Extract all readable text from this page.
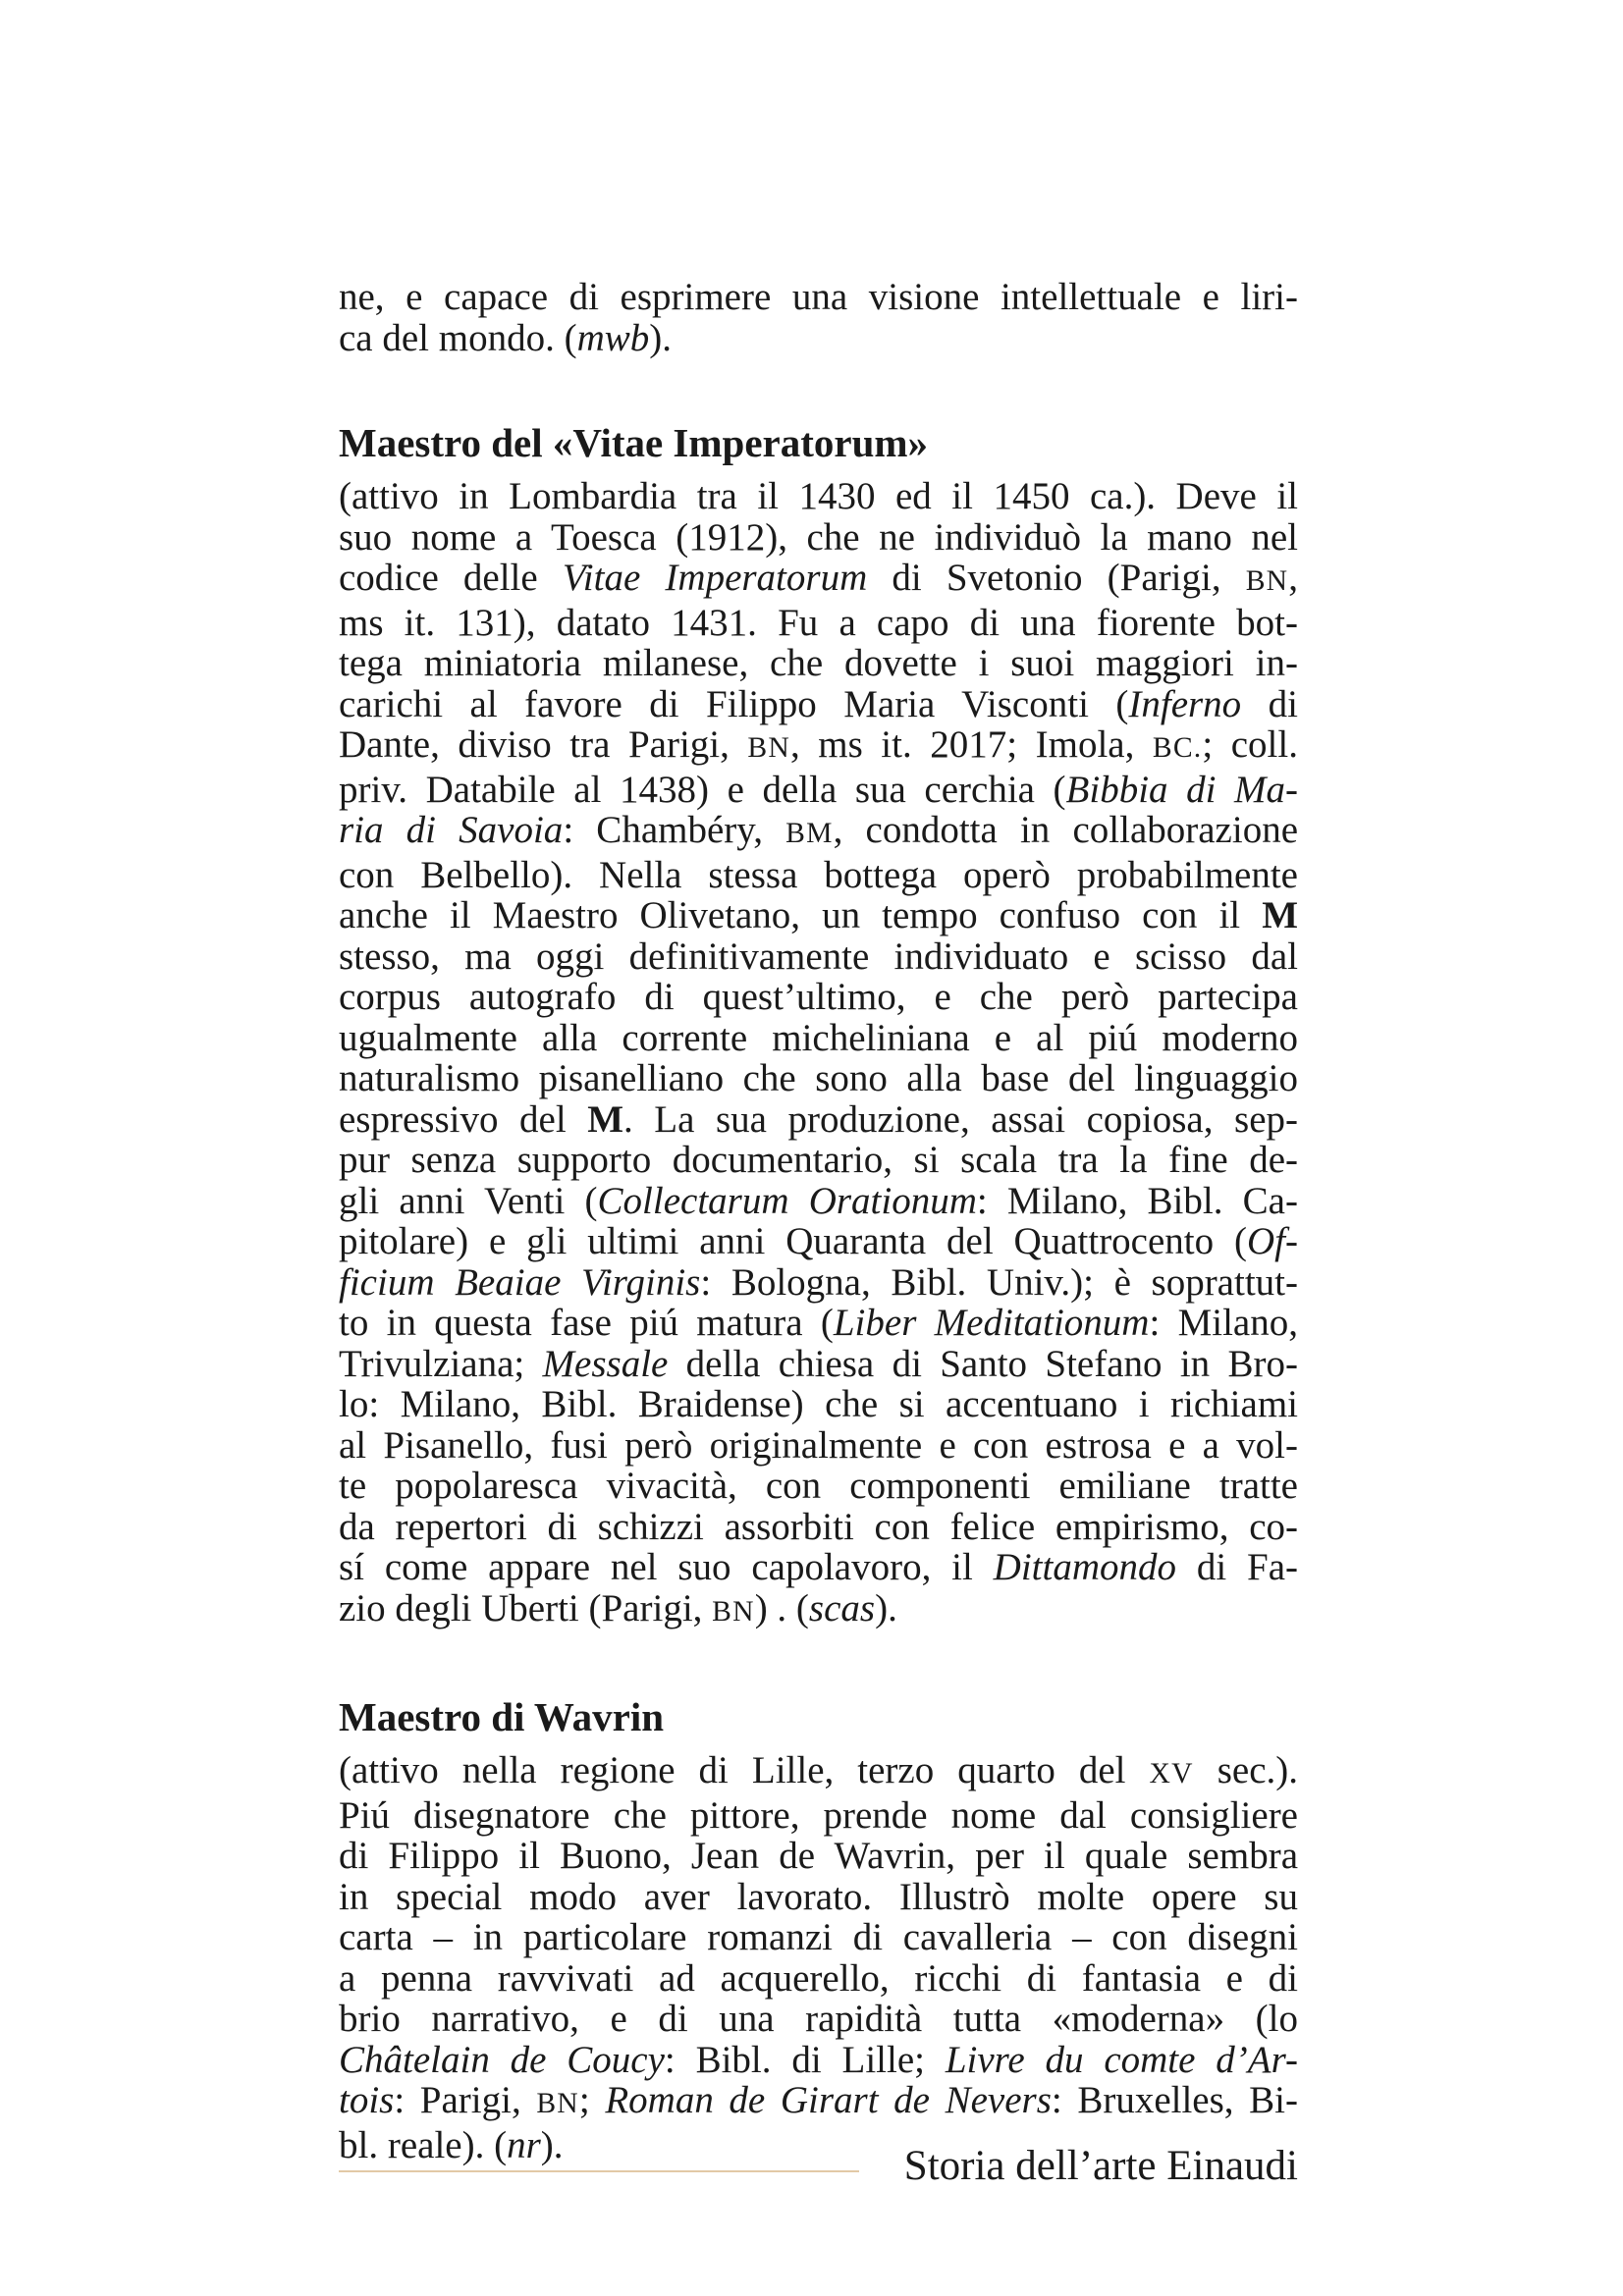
ne, e capace di esprimere una visione intellettuale e liri-
ca del mondo. (mwb).
Maestro del «Vitae Imperatorum»
(attivo in Lombardia tra il 1430 ed il 1450 ca.). Deve il
suo nome a Toesca (1912), che ne individuò la mano nel
codice delle Vitae Imperatorum di Svetonio (Parigi, BN,
ms it. 131), datato 1431. Fu a capo di una fiorente bot-
tega miniatoria milanese, che dovette i suoi maggiori in-
carichi al favore di Filippo Maria Visconti (Inferno di
Dante, diviso tra Parigi, BN, ms it. 2017; Imola, BC.; coll.
priv. Databile al 1438) e della sua cerchia (Bibbia di Ma-
ria di Savoia: Chambéry, BM, condotta in collaborazione
con Belbello). Nella stessa bottega operò probabilmente
anche il Maestro Olivetano, un tempo confuso con il M
stesso, ma oggi definitivamente individuato e scisso dal
corpus autografo di quest’ultimo, e che però partecipa
ugualmente alla corrente micheliniana e al piú moderno
naturalismo pisanelliano che sono alla base del linguaggio
espressivo del M. La sua produzione, assai copiosa, sep-
pur senza supporto documentario, si scala tra la fine de-
gli anni Venti (Collectarum Orationum: Milano, Bibl. Ca-
pitolare) e gli ultimi anni Quaranta del Quattrocento (Of-
ficium Beaiae Virginis: Bologna, Bibl. Univ.); è soprattut-
to in questa fase piú matura (Liber Meditationum: Milano,
Trivulziana; Messale della chiesa di Santo Stefano in Bro-
lo: Milano, Bibl. Braidense) che si accentuano i richiami
al Pisanello, fusi però originalmente e con estrosa e a vol-
te popolaresca vivacità, con componenti emiliane tratte
da repertori di schizzi assorbiti con felice empirismo, co-
sí come appare nel suo capolavoro, il Dittamondo di Fa-
zio degli Uberti (Parigi, BN) . (scas).
Maestro di Wavrin
(attivo nella regione di Lille, terzo quarto del XV sec.).
Piú disegnatore che pittore, prende nome dal consigliere
di Filippo il Buono, Jean de Wavrin, per il quale sembra
in special modo aver lavorato. Illustrò molte opere su
carta – in particolare romanzi di cavalleria – con disegni
a penna ravvivati ad acquerello, ricchi di fantasia e di
brio narrativo, e di una rapidità tutta «moderna» (lo
Châtelain de Coucy: Bibl. di Lille; Livre du comte d’Ar-
tois: Parigi, BN; Roman de Girart de Nevers: Bruxelles, Bi-
bl. reale). (nr).	Storia dell’arte Einaudi
